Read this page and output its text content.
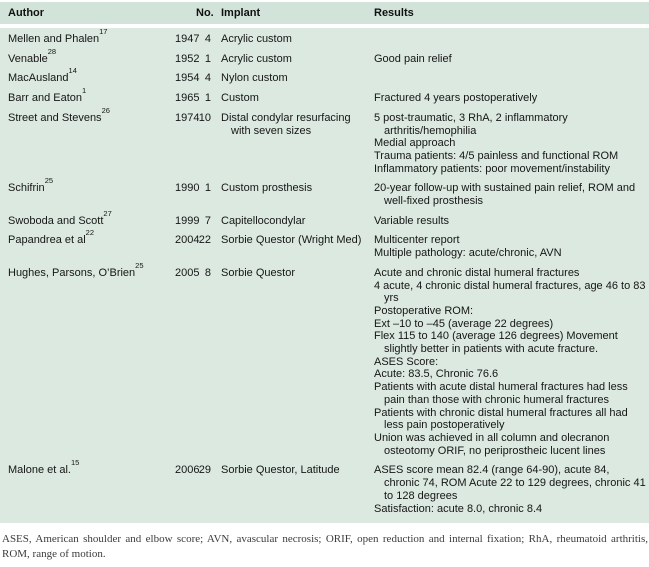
Author		No.	Implant	Results
Mellen and Phalen$^{17}$	1947	4	Acrylic custom	

Venable$^{28}$	1952	1	Acrylic custom	Good pain relief

MacAusland$^{14}$	1954	4	Nylon custom	

Barr and Eaton$^1$	1965	1	Custom	Fractured 4 years postoperatively

Street and Stevens$^{26}$	1974	10	Distal condylar resurfacing with seven sizes	5 post-traumatic, 3 RhA, 2 inflammatory arthritis/hemophilia
Medial approach
Trauma patients: 4/5 painless and functional ROM
Inflammatory patients: poor movement/instability

Schifrin$^{25}$	1990	1	Custom prosthesis	20-year follow-up with sustained pain relief, ROM and well-fixed prosthesis

Swoboda and Scott$^{27}$	1999	7	Capitellocondylar	Variable results

Papandrea et al$^{22}$	2004	22	Sorbie Questor (Wright Med)	Multicenter report
Multiple pathology: acute/chronic, AVN

Hughes, Parsons, O’Brien$^{25}$	2005	8	Sorbie Questor	Acute and chronic distal humeral fractures
4 acute, 4 chronic distal humeral fractures, age 46 to 83 yrs
Postoperative ROM:
Ext –10 to –45 (average 22 degrees)
Flex 115 to 140 (average 126 degrees) Movement slightly better in patients with acute fracture.
ASES Score:
Acute: 83.5, Chronic 76.6
Patients with acute distal humeral fractures had less pain than those with chronic humeral fractures
Patients with chronic distal humeral fractures all had less pain postoperatively
Union was achieved in all column and olecranon osteotomy ORIF, no periprostheic lucent lines

Malone et al.$^{15}$	2006	29	Sorbie Questor, Latitude	ASES score mean 82.4 (range 64-90), acute 84, chronic 74, ROM Acute 22 to 129 degrees, chronic 41 to 128 degrees
Satisfaction: acute 8.0, chronic 8.4

ASES, American shoulder and elbow score; AVN, avascular necrosis; ORIF, open reduction and internal fixation; RhA, rheumatoid arthritis, ROM, range of motion.
